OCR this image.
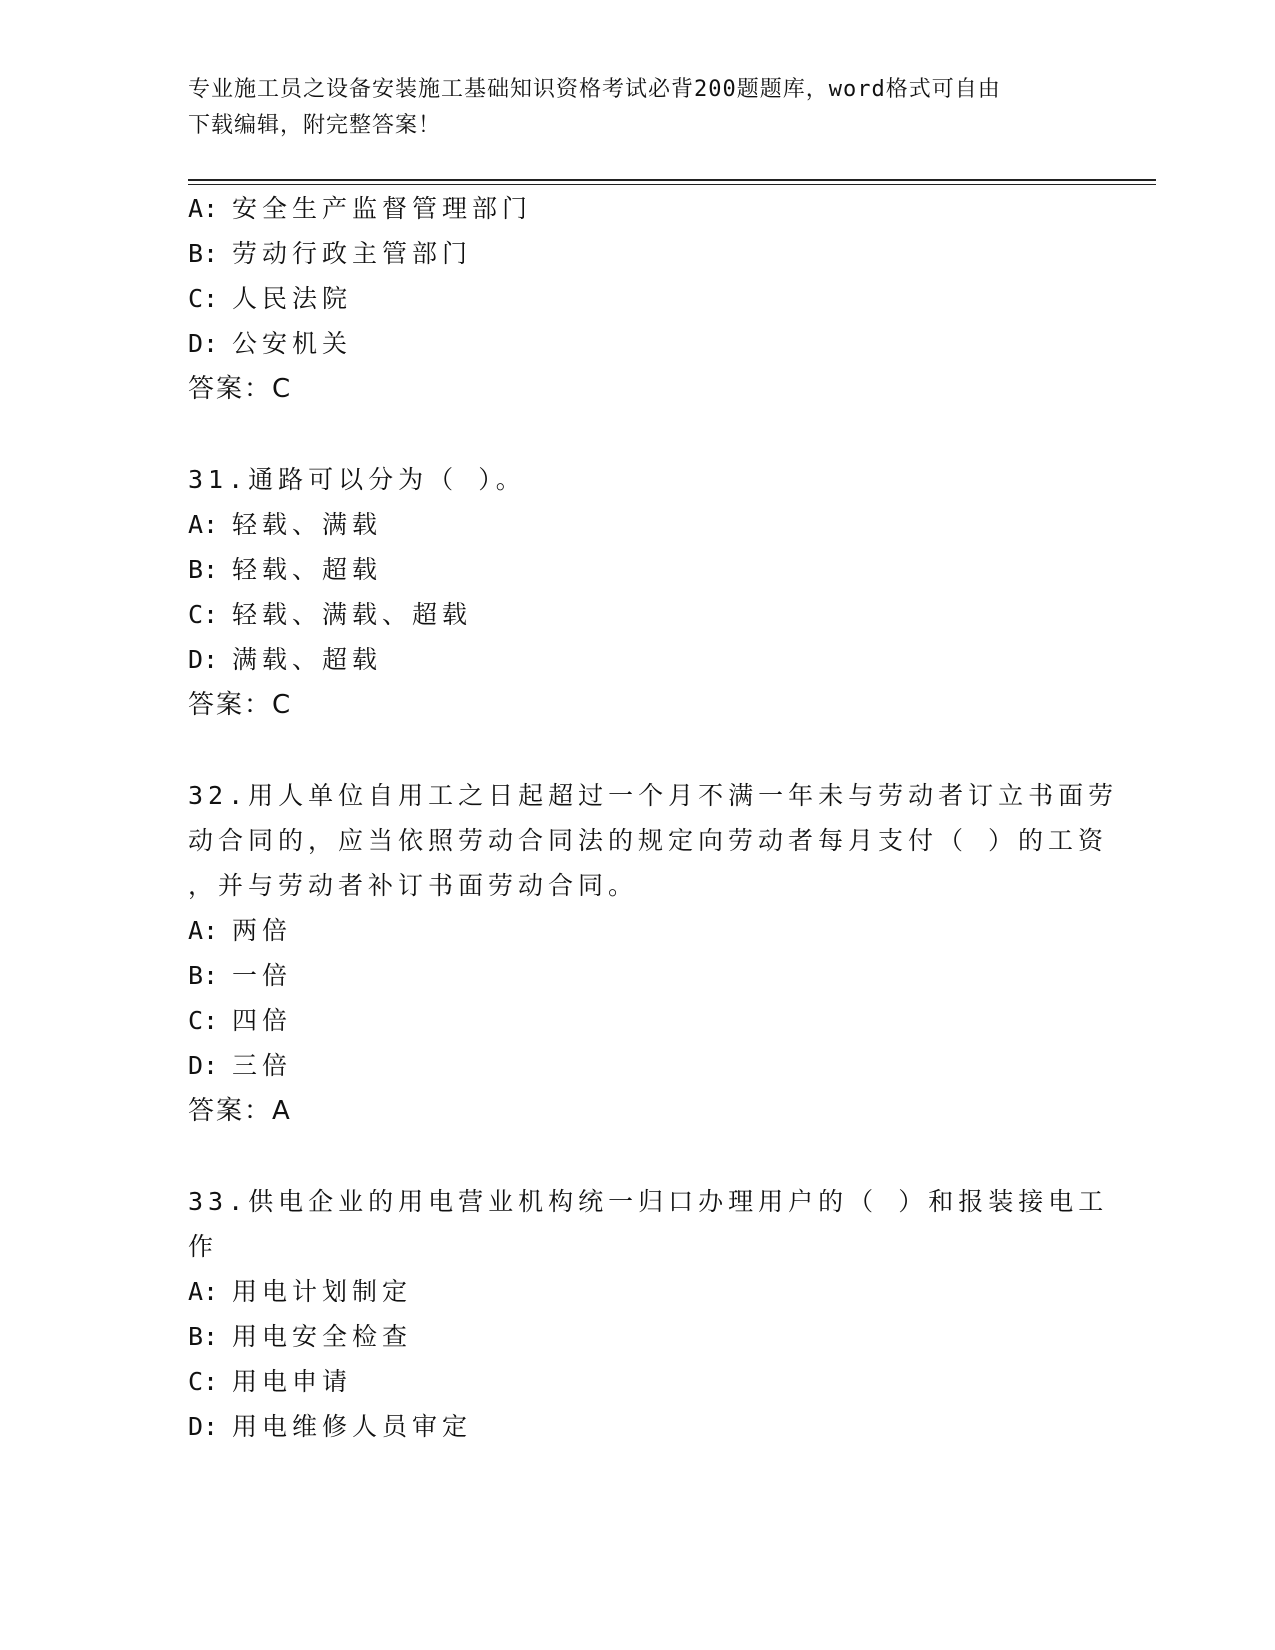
专业施工员之设备安装施工基础知识资格考试必背200题题库，word格式可自由
下载编辑，附完整答案！
A: 安全生产监督管理部门
B: 劳动行政主管部门
C: 人民法院
D: 公安机关
答案：C
31.通路可以分为（ ）。
A: 轻载、满载
B: 轻载、超载
C: 轻载、满载、超载
D: 满载、超载
答案：C
32.用人单位自用工之日起超过一个月不满一年未与劳动者订立书面劳
动合同的，应当依照劳动合同法的规定向劳动者每月支付（ ）的工资
，并与劳动者补订书面劳动合同。
A: 两倍
B: 一倍
C: 四倍
D: 三倍
答案：A
33.供电企业的用电营业机构统一归口办理用户的（ ）和报装接电工
作
A: 用电计划制定
B: 用电安全检查
C: 用电申请
D: 用电维修人员审定
